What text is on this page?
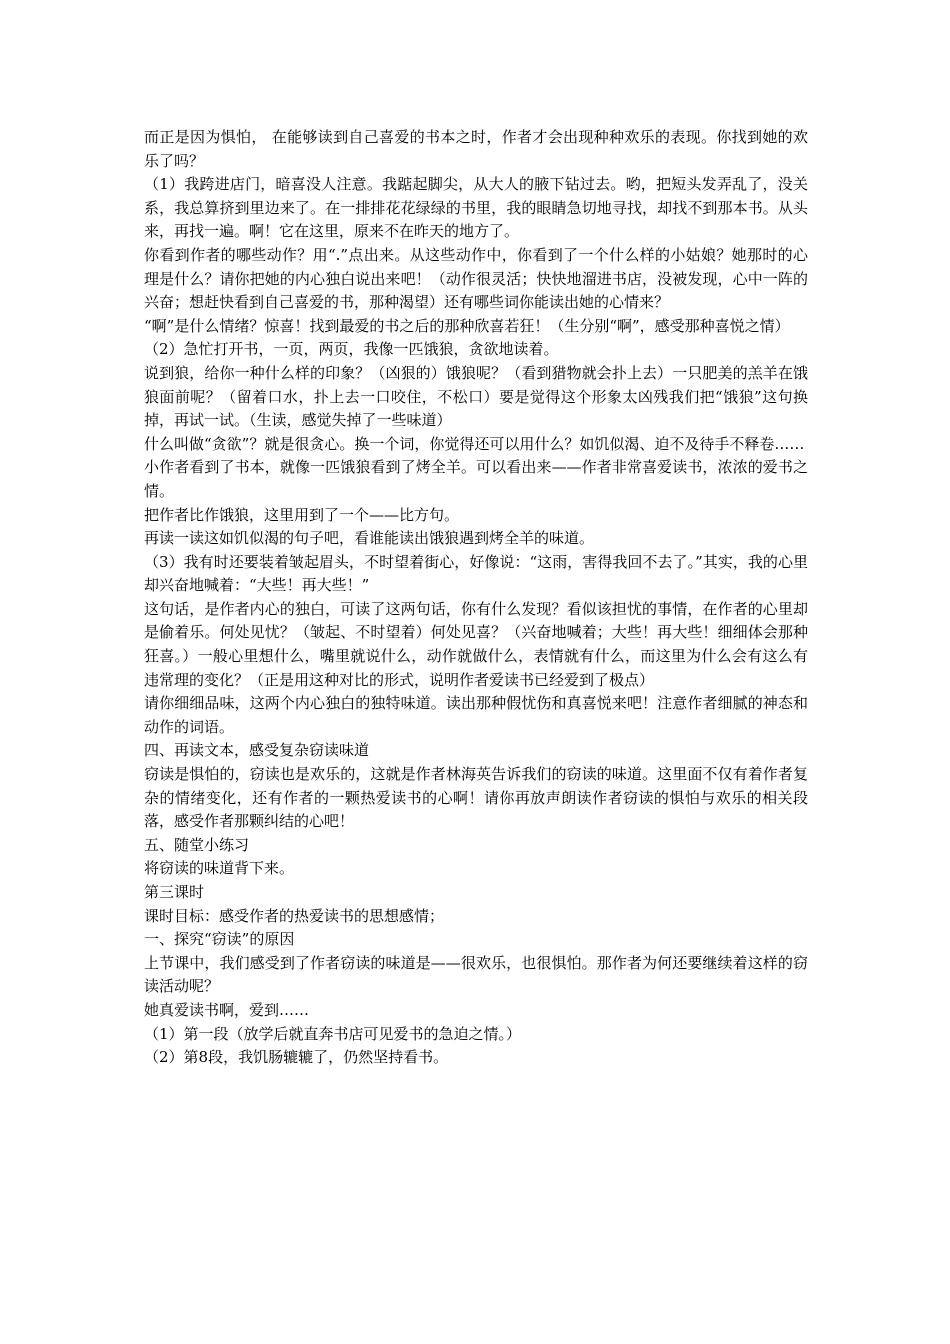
而正是因为惧怕， 在能够读到自己喜爱的书本之时，作者才会出现种种欢乐的表现。你找到她的欢乐了吗？

（1）我跨进店门，暗喜没人注意。我踮起脚尖，从大人的腋下钻过去。哟，把短头发弄乱了，没关系，我总算挤到里边来了。在一排排花花绿绿的书里，我的眼睛急切地寻找，却找不到那本书。从头来，再找一遍。啊！它在这里，原来不在昨天的地方了。

你看到作者的哪些动作？用“.”点出来。从这些动作中，你看到了一个什么样的小姑娘？她那时的心理是什么？请你把她的内心独白说出来吧！（动作很灵活；快快地溜进书店，没被发现，心中一阵的兴奋；想赶快看到自己喜爱的书，那种渴望）还有哪些词你能读出她的心情来？

“啊”是什么情绪？惊喜！找到最爱的书之后的那种欣喜若狂！（生分别“啊”，感受那种喜悦之情）

（2）急忙打开书，一页，两页，我像一匹饿狼，贪欲地读着。

说到狼，给你一种什么样的印象？（凶狠的）饿狼呢？（看到猎物就会扑上去）一只肥美的羔羊在饿狼面前呢？（留着口水，扑上去一口咬住，不松口）要是觉得这个形象太凶残我们把“饿狼”这句换掉，再试一试。（生读，感觉失掉了一些味道）

什么叫做“贪欲”？就是很贪心。换一个词，你觉得还可以用什么？如饥似渴、迫不及待手不释卷……

小作者看到了书本，就像一匹饿狼看到了烤全羊。可以看出来——作者非常喜爱读书，浓浓的爱书之情。

把作者比作饿狼，这里用到了一个——比方句。

再读一读这如饥似渴的句子吧，看谁能读出饿狼遇到烤全羊的味道。

（3）我有时还要装着皱起眉头，不时望着街心，好像说：“这雨，害得我回不去了。”其实，我的心里却兴奋地喊着：“大些！再大些！”

这句话，是作者内心的独白，可读了这两句话，你有什么发现？看似该担忧的事情，在作者的心里却是偷着乐。何处见忧？（皱起、不时望着）何处见喜？（兴奋地喊着；大些！再大些！细细体会那种狂喜。）一般心里想什么，嘴里就说什么，动作就做什么，表情就有什么，而这里为什么会有这么有违常理的变化？（正是用这种对比的形式，说明作者爱读书已经爱到了极点）

请你细细品味，这两个内心独白的独特味道。读出那种假忧伤和真喜悦来吧！注意作者细腻的神态和动作的词语。

四、再读文本，感受复杂窃读味道

窃读是惧怕的，窃读也是欢乐的，这就是作者林海英告诉我们的窃读的味道。这里面不仅有着作者复杂的情绪变化，还有作者的一颗热爱读书的心啊！请你再放声朗读作者窃读的惧怕与欢乐的相关段落，感受作者那颗纠结的心吧！

五、随堂小练习

将窃读的味道背下来。

第三课时

课时目标：感受作者的热爱读书的思想感情；

一、探究“窃读”的原因

上节课中，我们感受到了作者窃读的味道是——很欢乐，也很惧怕。那作者为何还要继续着这样的窃读活动呢？

她真爱读书啊，爱到……

（1）第一段（放学后就直奔书店可见爱书的急迫之情。）

（2）第8段，我饥肠辘辘了，仍然坚持看书。
